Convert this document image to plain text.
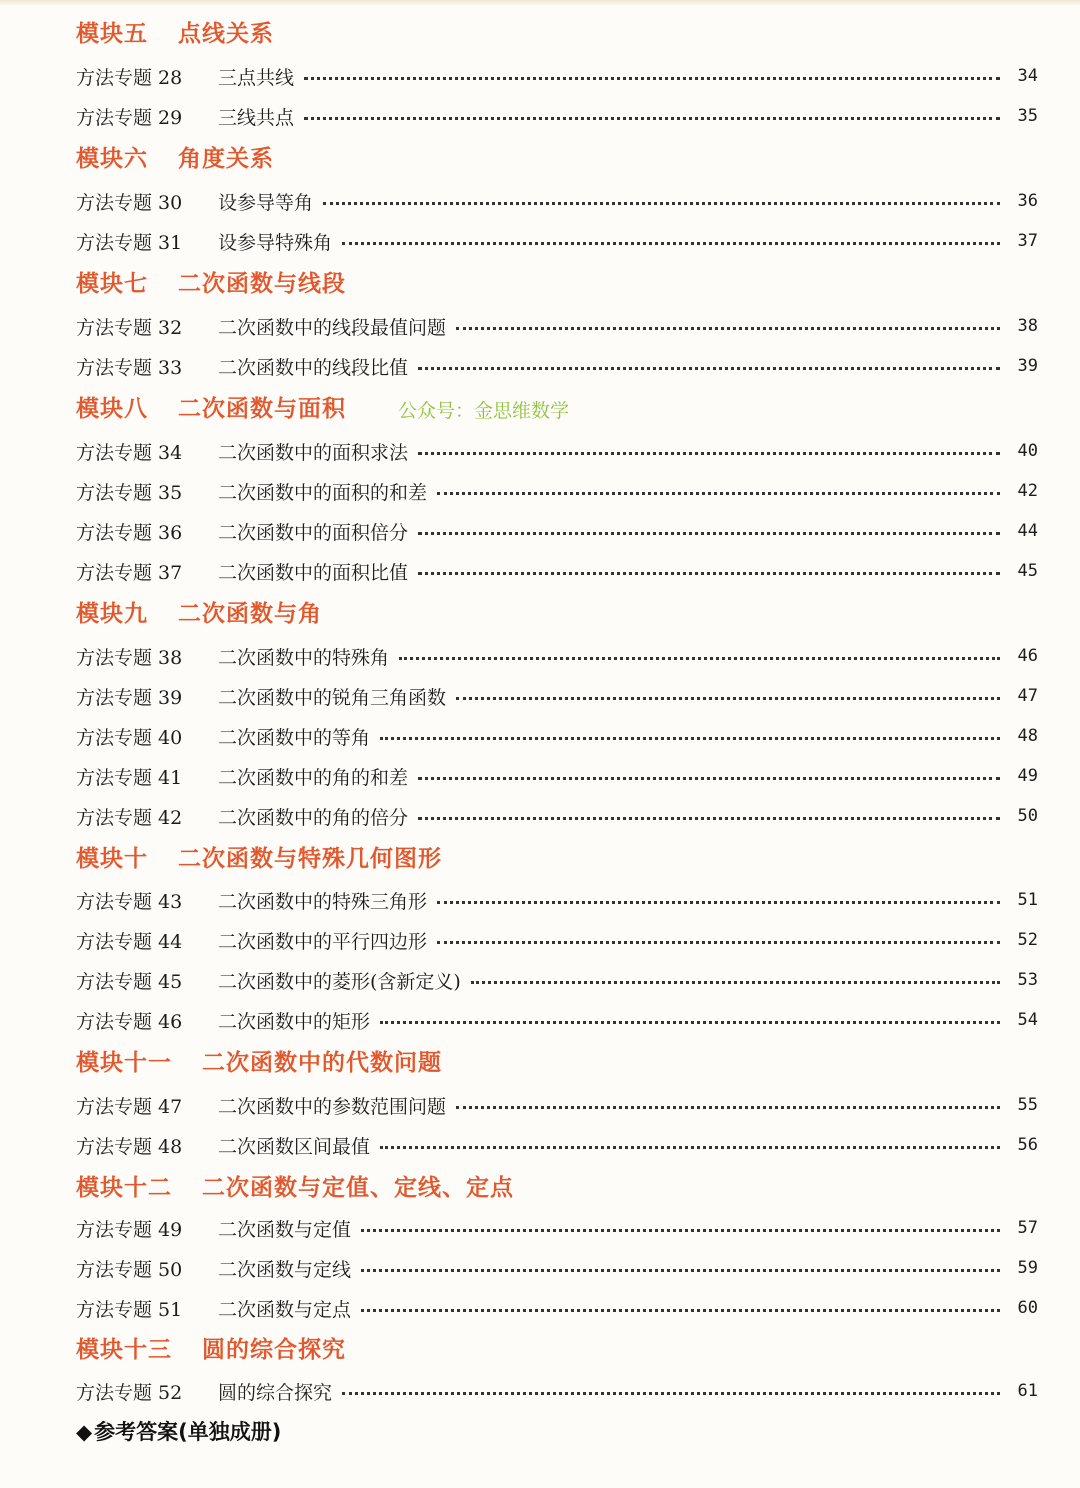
模块五 点线关系
方法专题 28	三点共线	34
方法专题 29	三线共点	35
模块六 角度关系
方法专题 30	设参导等角	36
方法专题 31	设参导特殊角	37
模块七 二次函数与线段
方法专题 32	二次函数中的线段最值问题	38
方法专题 33	二次函数中的线段比值	39
模块八 二次函数与面积	公众号：金思维数学
方法专题 34	二次函数中的面积求法	40
方法专题 35	二次函数中的面积的和差	42
方法专题 36	二次函数中的面积倍分	44
方法专题 37	二次函数中的面积比值	45
模块九 二次函数与角
方法专题 38	二次函数中的特殊角	46
方法专题 39	二次函数中的锐角三角函数	47
方法专题 40	二次函数中的等角	48
方法专题 41	二次函数中的角的和差	49
方法专题 42	二次函数中的角的倍分	50
模块十 二次函数与特殊几何图形
方法专题 43	二次函数中的特殊三角形	51
方法专题 44	二次函数中的平行四边形	52
方法专题 45	二次函数中的菱形(含新定义)	53
方法专题 46	二次函数中的矩形	54
模块十一 二次函数中的代数问题
方法专题 47	二次函数中的参数范围问题	55
方法专题 48	二次函数区间最值	56
模块十二 二次函数与定值、定线、定点
方法专题 49	二次函数与定值	57
方法专题 50	二次函数与定线	59
方法专题 51	二次函数与定点	60
模块十三 圆的综合探究
方法专题 52	圆的综合探究	61
◆参考答案(单独成册)
